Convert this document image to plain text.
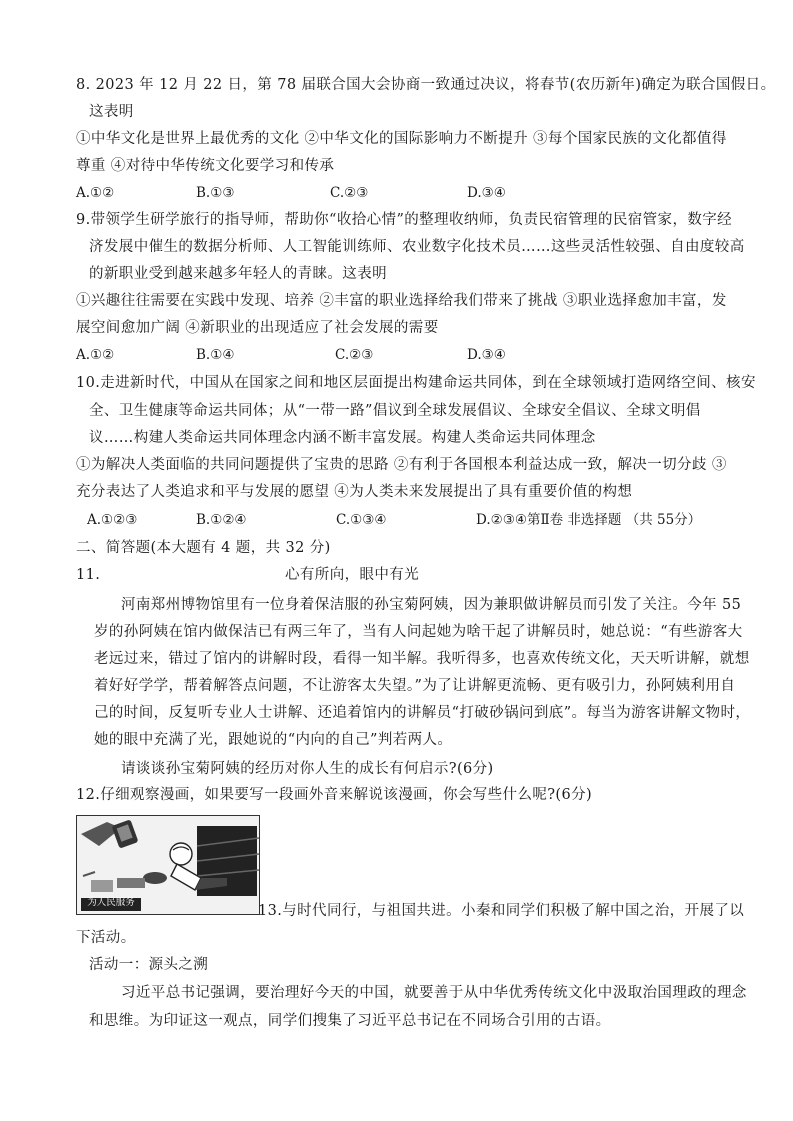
8. 2023 年 12 月 22 日，第 78 届联合国大会协商一致通过决议，将春节(农历新年)确定为联合国假日。
这表明
①中华文化是世界上最优秀的文化 ②中华文化的国际影响力不断提升 ③每个国家民族的文化都值得
尊重 ④对待中华传统文化要学习和传承
A.①②	B.①③	C.②③	D.③④
9.带领学生研学旅行的指导师，帮助你“收拾心情”的整理收纳师，负责民宿管理的民宿管家，数字经
济发展中催生的数据分析师、人工智能训练师、农业数字化技术员……这些灵活性较强、自由度较高
的新职业受到越来越多年轻人的青睐。这表明
①兴趣往往需要在实践中发现、培养 ②丰富的职业选择给我们带来了挑战 ③职业选择愈加丰富，发
展空间愈加广阔 ④新职业的出现适应了社会发展的需要
A.①②	B.①④	C.②③	D.③④
10.走进新时代，中国从在国家之间和地区层面提出构建命运共同体，到在全球领域打造网络空间、核安
全、卫生健康等命运共同体；从“一带一路”倡议到全球发展倡议、全球安全倡议、全球文明倡
议……构建人类命运共同体理念内涵不断丰富发展。构建人类命运共同体理念
①为解决人类面临的共同问题提供了宝贵的思路 ②有利于各国根本利益达成一致，解决一切分歧 ③
充分表达了人类追求和平与发展的愿望 ④为人类未来发展提出了具有重要价值的构想
A.①②③	B.①②④	C.①③④	D.②③④第Ⅱ卷 非选择题 （共 55分）
二、简答题(本大题有 4 题，共 32 分)
11.	心有所向，眼中有光
河南郑州博物馆里有一位身着保洁服的孙宝菊阿姨，因为兼职做讲解员而引发了关注。今年 55
岁的孙阿姨在馆内做保洁已有两三年了，当有人问起她为啥干起了讲解员时，她总说：“有些游客大
老远过来，错过了馆内的讲解时段，看得一知半解。我听得多，也喜欢传统文化，天天听讲解，就想
着好好学学，帮着解答点问题，不让游客太失望。”为了让讲解更流畅、更有吸引力，孙阿姨利用自
己的时间，反复听专业人士讲解、还追着馆内的讲解员“打破砂锅问到底”。每当为游客讲解文物时，
她的眼中充满了光，跟她说的“内向的自己”判若两人。
请谈谈孙宝菊阿姨的经历对你人生的成长有何启示?(6分)
12.仔细观察漫画，如果要写一段画外音来解说该漫画，你会写些什么呢?(6分)
为人民服务
13.与时代同行，与祖国共进。小秦和同学们积极了解中国之治，开展了以
下活动。
活动一：源头之溯
习近平总书记强调，要治理好今天的中国，就要善于从中华优秀传统文化中汲取治国理政的理念
和思维。为印证这一观点，同学们搜集了习近平总书记在不同场合引用的古语。
